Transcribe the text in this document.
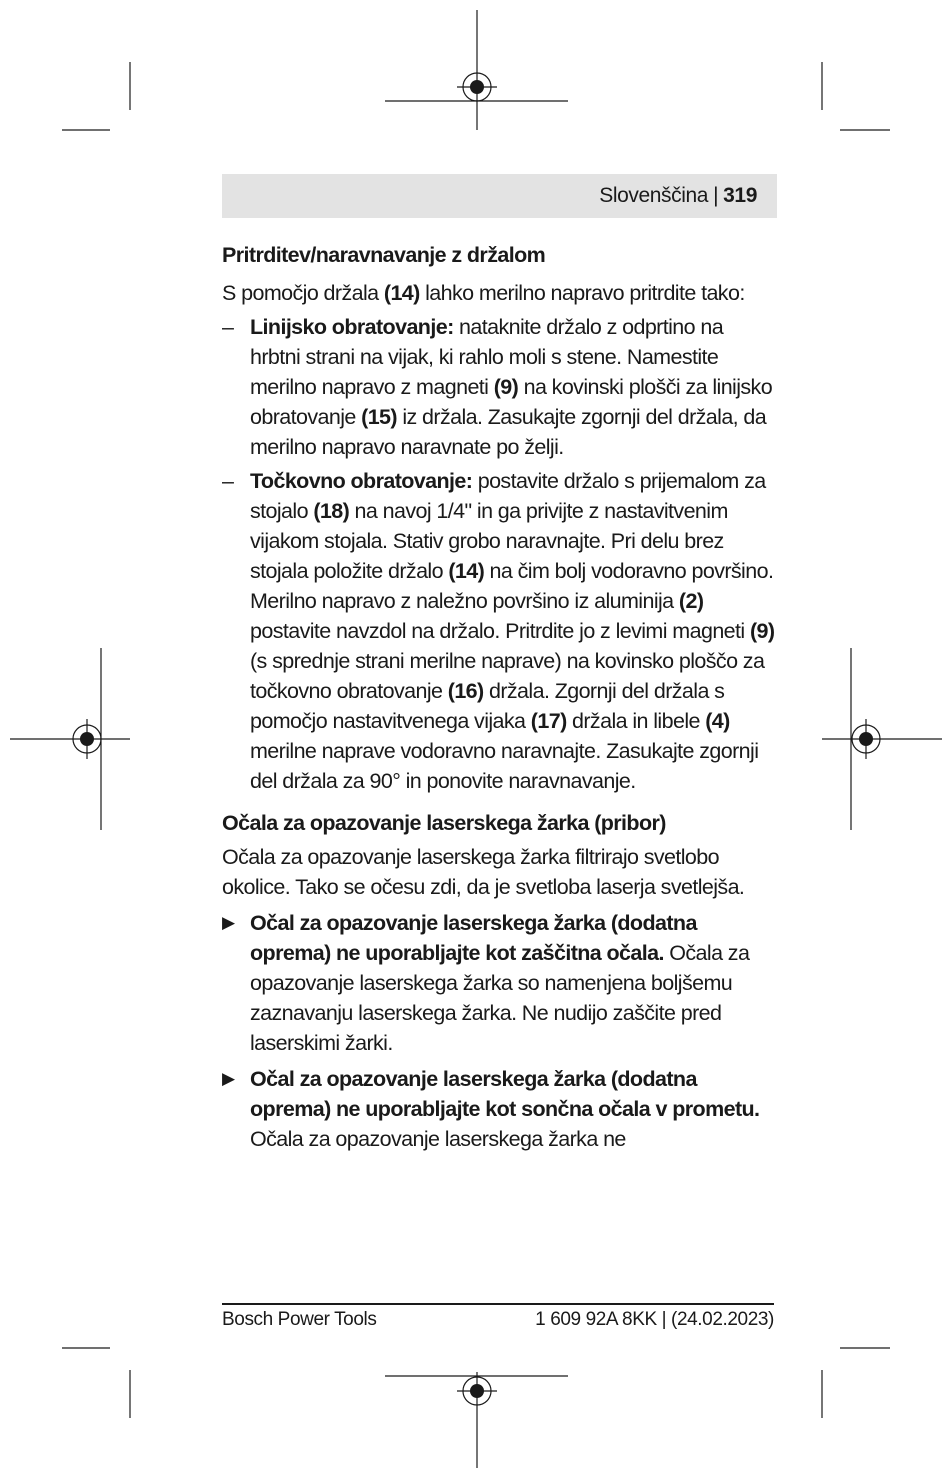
Slovenščina | 319
Pritrditev/naravnavanje z držalom

S pomočjo držala (14) lahko merilno napravo pritrdite tako:

– Linijsko obratovanje: nataknite držalo z odprtino na hrbtni strani na vijak, ki rahlo moli s stene. Namestite merilno napravo z magneti (9) na kovinski plošči za linijsko obratovanje (15) iz držala. Zasukajte zgornji del držala, da merilno napravo naravnate po želji.

– Točkovno obratovanje: postavite držalo s prijemalom za stojalo (18) na navoj 1/4" in ga privijte z nastavitvenim vijakom stojala. Stativ grobo naravnajte. Pri delu brez stojala položite držalo (14) na čim bolj vodoravno površino.

Merilno napravo z naležno površino iz aluminija (2) postavite navzdol na držalo. Pritrdite jo z levimi magneti (9) (s sprednje strani merilne naprave) na kovinsko ploščo za točkovno obratovanje (16) držala. Zgornji del držala s pomočjo nastavitvenega vijaka (17) držala in libele (4) merilne naprave vodoravno naravnajte. Zasukajte zgornji del držala za 90° in ponovite naravnavanje.

Očala za opazovanje laserskega žarka (pribor)

Očala za opazovanje laserskega žarka filtrirajo svetlobo okolice. Tako se očesu zdi, da je svetloba laserja svetlejša.

▶ Očal za opazovanje laserskega žarka (dodatna oprema) ne uporabljajte kot zaščitna očala. Očala za opazovanje laserskega žarka so namenjena boljšemu zaznavanju laserskega žarka. Ne nudijo zaščite pred laserskimi žarki.

▶ Očal za opazovanje laserskega žarka (dodatna oprema) ne uporabljajte kot sončna očala v prometu. Očala za opazovanje laserskega žarka ne

Bosch Power Tools	1 609 92A 8KK | (24.02.2023)
